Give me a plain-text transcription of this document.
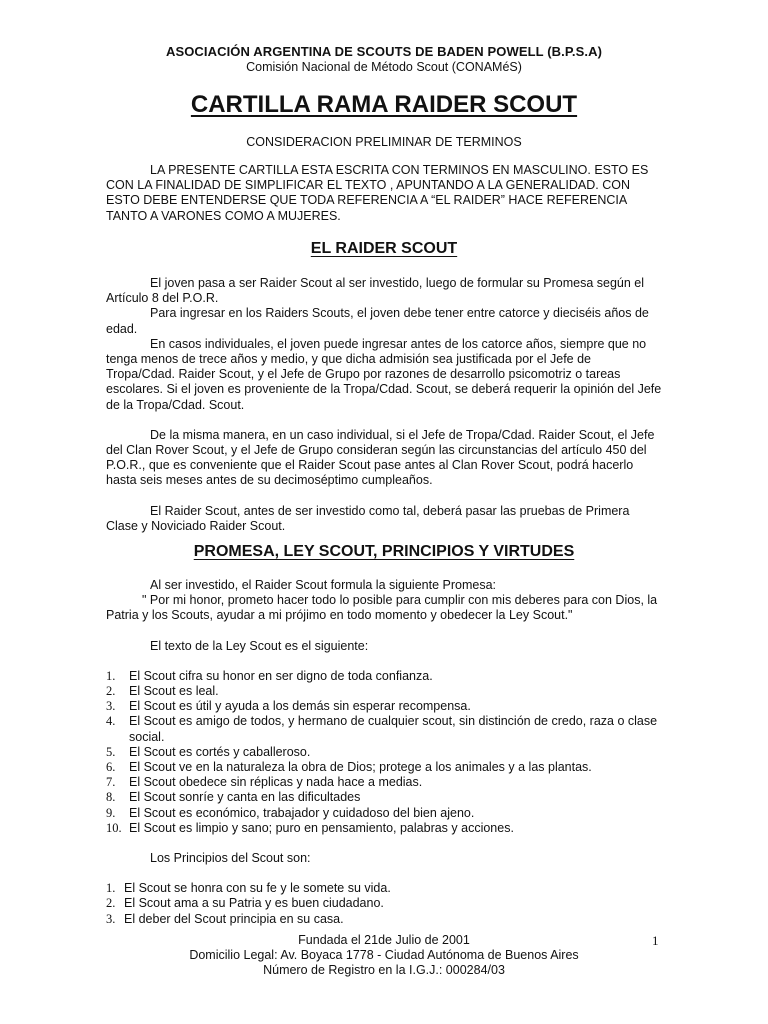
ASOCIACIÓN ARGENTINA DE SCOUTS DE BADEN POWELL (B.P.S.A)
Comisión Nacional de Método Scout (CONAMéS)
CARTILLA RAMA RAIDER SCOUT
CONSIDERACION PRELIMINAR DE TERMINOS

LA PRESENTE CARTILLA ESTA ESCRITA CON TERMINOS EN MASCULINO. ESTO ES CON LA FINALIDAD DE SIMPLIFICAR EL TEXTO , APUNTANDO A LA GENERALIDAD. CON ESTO DEBE ENTENDERSE QUE TODA REFERENCIA A “EL RAIDER” HACE REFERENCIA TANTO A VARONES COMO A MUJERES.

EL RAIDER SCOUT

El joven pasa a ser Raider Scout al ser investido, luego de formular su Promesa según el Artículo 8 del P.O.R.

Para ingresar en los Raiders Scouts, el joven debe tener entre catorce y dieciséis años de edad.

En casos individuales, el joven puede ingresar antes de los catorce años, siempre que no tenga menos de trece años y medio, y que dicha admisión sea justificada por el Jefe de Tropa/Cdad. Raider Scout, y el Jefe de Grupo por razones de desarrollo psicomotriz o tareas escolares. Si el joven es proveniente de la Tropa/Cdad. Scout, se deberá requerir la opinión del Jefe de la Tropa/Cdad. Scout.

De la misma manera, en un caso individual, si el Jefe de Tropa/Cdad. Raider Scout, el Jefe del Clan Rover Scout, y el Jefe de Grupo consideran según las circunstancias del artículo 450 del P.O.R., que es conveniente que el Raider Scout pase antes al Clan Rover Scout, podrá hacerlo hasta seis meses antes de su decimoséptimo cumpleaños.

El Raider Scout, antes de ser investido como tal, deberá pasar las pruebas de Primera Clase y Noviciado Raider Scout.

PROMESA, LEY SCOUT, PRINCIPIOS Y VIRTUDES

Al ser investido, el Raider Scout formula la siguiente Promesa:

" Por mi honor, prometo hacer todo lo posible para cumplir con mis deberes para con Dios, la Patria y los Scouts, ayudar a mi prójimo en todo momento y obedecer la Ley Scout."

El texto de la Ley Scout es el siguiente:

1.	El Scout cifra su honor en ser digno de toda confianza.
2.	El Scout es leal.
3.	El Scout es útil y ayuda a los demás sin esperar recompensa.
4.	El Scout es amigo de todos, y hermano de cualquier scout, sin distinción de credo, raza o clase social.
5.	El Scout es cortés y caballeroso.
6.	El Scout ve en la naturaleza la obra de Dios; protege a los animales y a las plantas.
7.	El Scout obedece sin réplicas y nada hace a medias.
8.	El Scout sonríe y canta en las dificultades
9.	El Scout es económico, trabajador y cuidadoso del bien ajeno.
10. El Scout es limpio y sano; puro en pensamiento, palabras y acciones.

Los Principios del Scout son:

1. El Scout se honra con su fe y le somete su vida.
2. El Scout ama a su Patria y es buen ciudadano.
3. El deber del Scout principia en su casa.
Fundada el 21de Julio de 2001
Domicilio Legal: Av. Boyaca 1778 - Ciudad Autónoma de Buenos Aires
Número de Registro en la I.G.J.: 000284/03
1
